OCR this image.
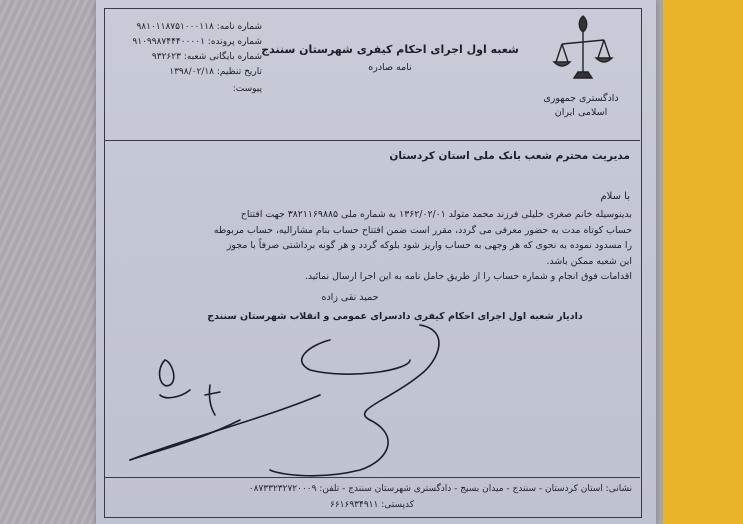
دادگستری جمهوری
اسلامی ایران
شعبه اول اجرای احکام کیفری شهرستان سنندج
نامه صادره
شماره نامه: ۹۸۱۰۱۱۸۷۵۱۰۰۰۱۱۸
شماره پرونده: ۹۱۰۹۹۸۷۴۴۴۰۰۰۰۱
شماره بایگانی شعبه: ۹۳۲۶۲۳
تاریخ تنظیم: ۱۳۹۸/۰۲/۱۸
پیوست:
مدیریت محترم شعب بانک ملی استان کردستان
با سلام
بدینوسیله خانم صغری خلیلی فرزند محمد متولد ۱۳۶۲/۰۲/۰۱ به شماره ملی ۳۸۲۱۱۶۹۸۸۵ جهت افتتاح
حساب کوتاه مدت به حضور معرفی می گردد، مقرر است ضمن افتتاح حساب بنام مشارالیه، حساب مربوطه
را مسدود نموده به نحوی که هر وجهی به حساب واریز شود بلوکه گردد و هر گونه برداشتی صرفاً با مجوز
این شعبه ممکن باشد.
اقدامات فوق انجام و شماره حساب را از طریق حامل نامه به این اجرا ارسال نمائید.
حمید نقی زاده
دادیار شعبه اول اجرای احکام کیفری دادسرای عمومی و انقلاب شهرستان سنندج
نشانی: استان کردستان - سنندج - میدان بسیج - دادگستری شهرستان سنندج - تلفن: ۰۸۷۳۳۲۳۲۷۲۰۰۰۹
کدپستی: ۶۶۱۶۹۳۴۹۱۱
